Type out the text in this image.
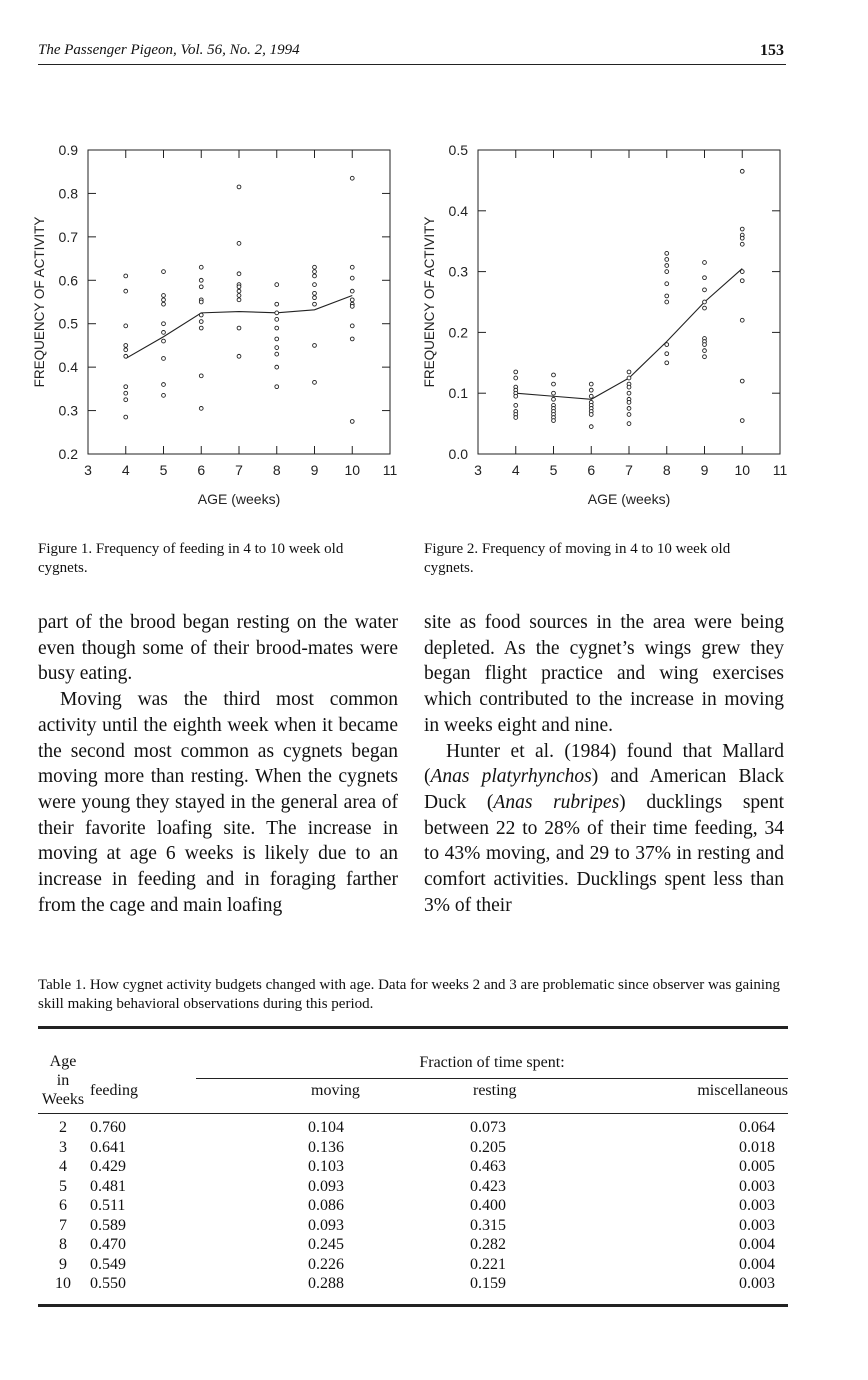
The Passenger Pigeon, Vol. 56, No. 2, 1994	153
3 4 5 6 7 8 9 10 11
0.2
0.3
0.4
0.5
0.6
0.7
0.8
0.9
AGE (weeks)
FREQUENCY OF ACTIVITY
3 4 5 6 7 8 9 10 11
0.0
0.1
0.2
0.3
0.4
0.5
AGE (weeks)
FREQUENCY OF ACTIVITY
Figure 1. Frequency of feeding in 4 to 10 week old cygnets.
Figure 2. Frequency of moving in 4 to 10 week old cygnets.

part of the brood began resting on the water even though some of their brood-mates were busy eating.

Moving was the third most common activity until the eighth week when it became the second most common as cygnets began moving more than resting. When the cygnets were young they stayed in the general area of their favorite loafing site. The increase in moving at age 6 weeks is likely due to an increase in feeding and in foraging farther from the cage and main loafing

site as food sources in the area were being depleted. As the cygnet’s wings grew they began flight practice and wing exercises which contributed to the increase in moving in weeks eight and nine.

Hunter et al. (1984) found that Mallard (Anas platyrhynchos) and American Black Duck (Anas rubripes) ducklings spent between 22 to 28% of their time feeding, 34 to 43% moving, and 29 to 37% in resting and comfort activities. Ducklings spent less than 3% of their

Table 1. How cygnet activity budgets changed with age. Data for weeks 2 and 3 are problematic since observer was gaining skill making behavioral observations during this period.
Age
in
Weeks		Fraction of time spent:		
	feeding	moving	resting	miscellaneous
2	0.760	0.104	0.073	0.064
3	0.641	0.136	0.205	0.018
4	0.429	0.103	0.463	0.005
5	0.481	0.093	0.423	0.003
6	0.511	0.086	0.400	0.003
7	0.589	0.093	0.315	0.003
8	0.470	0.245	0.282	0.004
9	0.549	0.226	0.221	0.004
10	0.550	0.288	0.159	0.003
